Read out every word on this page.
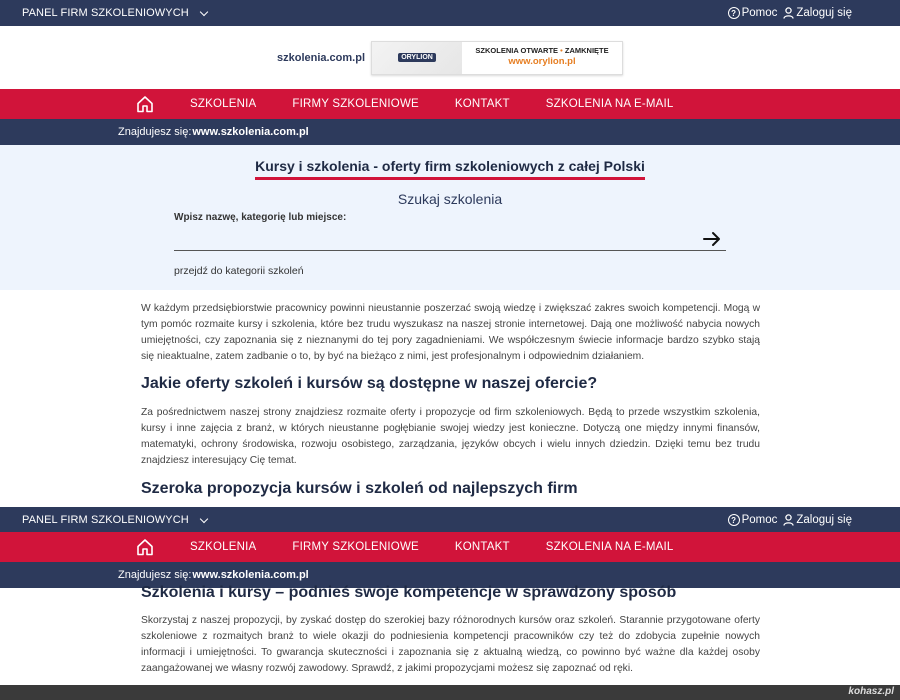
PANEL FIRM SZKOLENIOWYCH	? Pomoc Zaloguj się
szkolenia.com.pl	ORYLION
SZKOLENIA OTWARTE • ZAMKNIĘTE
www.orylion.pl
SZKOLENIA	FIRMY SZKOLENIOWE	KONTAKT	SZKOLENIA NA E-MAIL
Znajdujesz się: www.szkolenia.com.pl
Kursy i szkolenia - oferty firm szkoleniowych z całej Polski
Szukaj szkolenia
Wpisz nazwę, kategorię lub miejsce:
przejdź do kategorii szkoleń

W każdym przedsiębiorstwie pracownicy powinni nieustannie poszerzać swoją wiedzę i zwiększać zakres swoich kompetencji. Mogą w tym pomóc rozmaite kursy i szkolenia, które bez trudu wyszukasz na naszej stronie internetowej. Dają one możliwość nabycia nowych umiejętności, czy zapoznania się z nieznanymi do tej pory zagadnieniami. We współczesnym świecie informacje bardzo szybko stają się nieaktualne, zatem zadbanie o to, by być na bieżąco z nimi, jest profesjonalnym i odpowiednim działaniem.

Jakie oferty szkoleń i kursów są dostępne w naszej ofercie?

Za pośrednictwem naszej strony znajdziesz rozmaite oferty i propozycje od firm szkoleniowych. Będą to przede wszystkim szkolenia, kursy i inne zajęcia z branż, w których nieustanne pogłębianie swojej wiedzy jest konieczne. Dotyczą one między innymi finansów, matematyki, ochrony środowiska, rozwoju osobistego, zarządzania, języków obcych i wielu innych dziedzin. Dzięki temu bez trudu znajdziesz interesujący Cię temat.

Szeroka propozycja kursów i szkoleń od najlepszych firm
PANEL FIRM SZKOLENIOWYCH	? Pomoc Zaloguj się
SZKOLENIA	FIRMY SZKOLENIOWE	KONTAKT	SZKOLENIA NA E-MAIL
Znajdujesz się: www.szkolenia.com.pl
Szkolenia i kursy – podnieś swoje kompetencje w sprawdzony sposób

Skorzystaj z naszej propozycji, by zyskać dostęp do szerokiej bazy różnorodnych kursów oraz szkoleń. Starannie przygotowane oferty szkoleniowe z rozmaitych branż to wiele okazji do podniesienia kompetencji pracowników czy też do zdobycia zupełnie nowych informacji i umiejętności. To gwarancja skuteczności i zapoznania się z aktualną wiedzą, co powinno być ważne dla każdej osoby zaangażowanej we własny rozwój zawodowy. Sprawdź, z jakimi propozycjami możesz się zapoznać od ręki.

kohasz.pl
